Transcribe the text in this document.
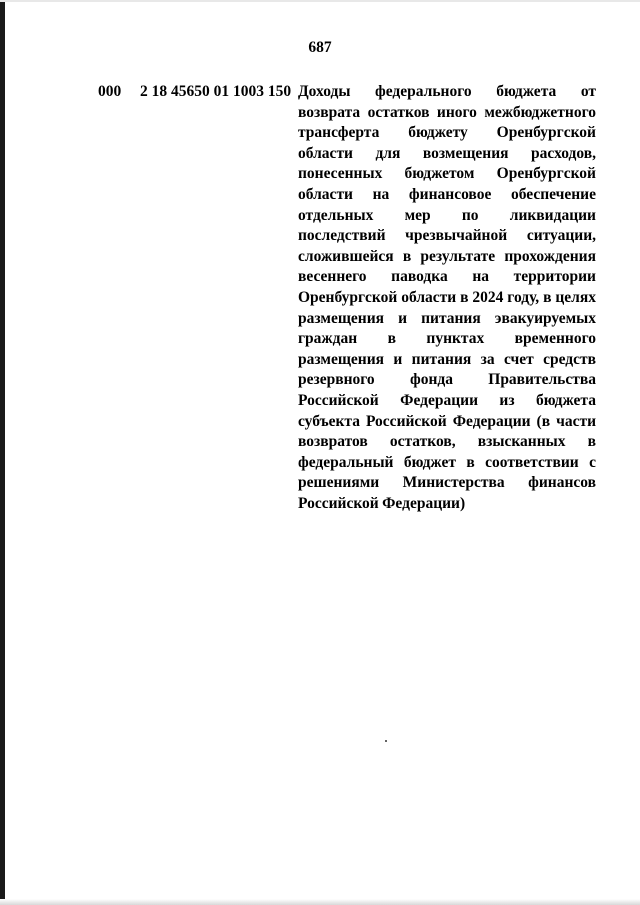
687
000 2 18 45650 01 1003 150 Доходы федерального бюджета от возврата остатков иного межбюджетного трансферта бюджету Оренбургской области для возмещения расходов, понесенных бюджетом Оренбургской области на финансовое обеспечение отдельных мер по ликвидации последствий чрезвычайной ситуации, сложившейся в результате прохождения весеннего паводка на территории Оренбургской области в 2024 году, в целях размещения и питания эвакуируемых граждан в пунктах временного размещения и питания за счет средств резервного фонда Правительства Российской Федерации из бюджета субъекта Российской Федерации (в части возвратов остатков, взысканных в федеральный бюджет в соответствии с решениями Министерства финансов Российской Федерации)
